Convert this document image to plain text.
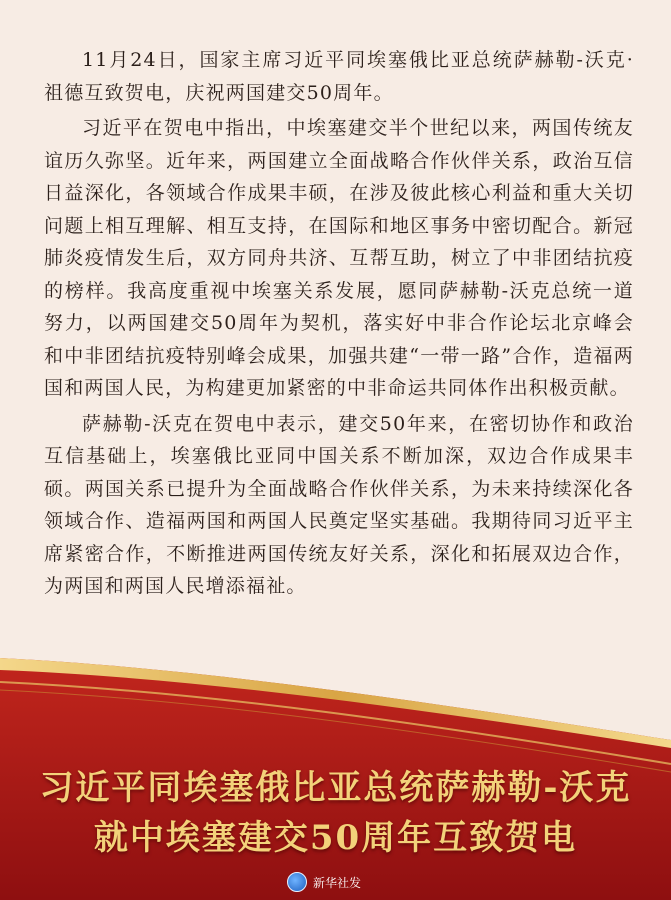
11月24日，国家主席习近平同埃塞俄比亚总统萨赫勒-沃克·祖德互致贺电，庆祝两国建交50周年。

习近平在贺电中指出，中埃塞建交半个世纪以来，两国传统友谊历久弥坚。近年来，两国建立全面战略合作伙伴关系，政治互信日益深化，各领域合作成果丰硕，在涉及彼此核心利益和重大关切问题上相互理解、相互支持，在国际和地区事务中密切配合。新冠肺炎疫情发生后，双方同舟共济、互帮互助，树立了中非团结抗疫的榜样。我高度重视中埃塞关系发展，愿同萨赫勒-沃克总统一道努力，以两国建交50周年为契机，落实好中非合作论坛北京峰会和中非团结抗疫特别峰会成果，加强共建“一带一路”合作，造福两国和两国人民，为构建更加紧密的中非命运共同体作出积极贡献。

萨赫勒-沃克在贺电中表示，建交50年来，在密切协作和政治互信基础上，埃塞俄比亚同中国关系不断加深，双边合作成果丰硕。两国关系已提升为全面战略合作伙伴关系，为未来持续深化各领域合作、造福两国和两国人民奠定坚实基础。我期待同习近平主席紧密合作，不断推进两国传统友好关系，深化和拓展双边合作，为两国和两国人民增添福祉。

习近平同埃塞俄比亚总统萨赫勒-沃克
就中埃塞建交50周年互致贺电
新华社发
